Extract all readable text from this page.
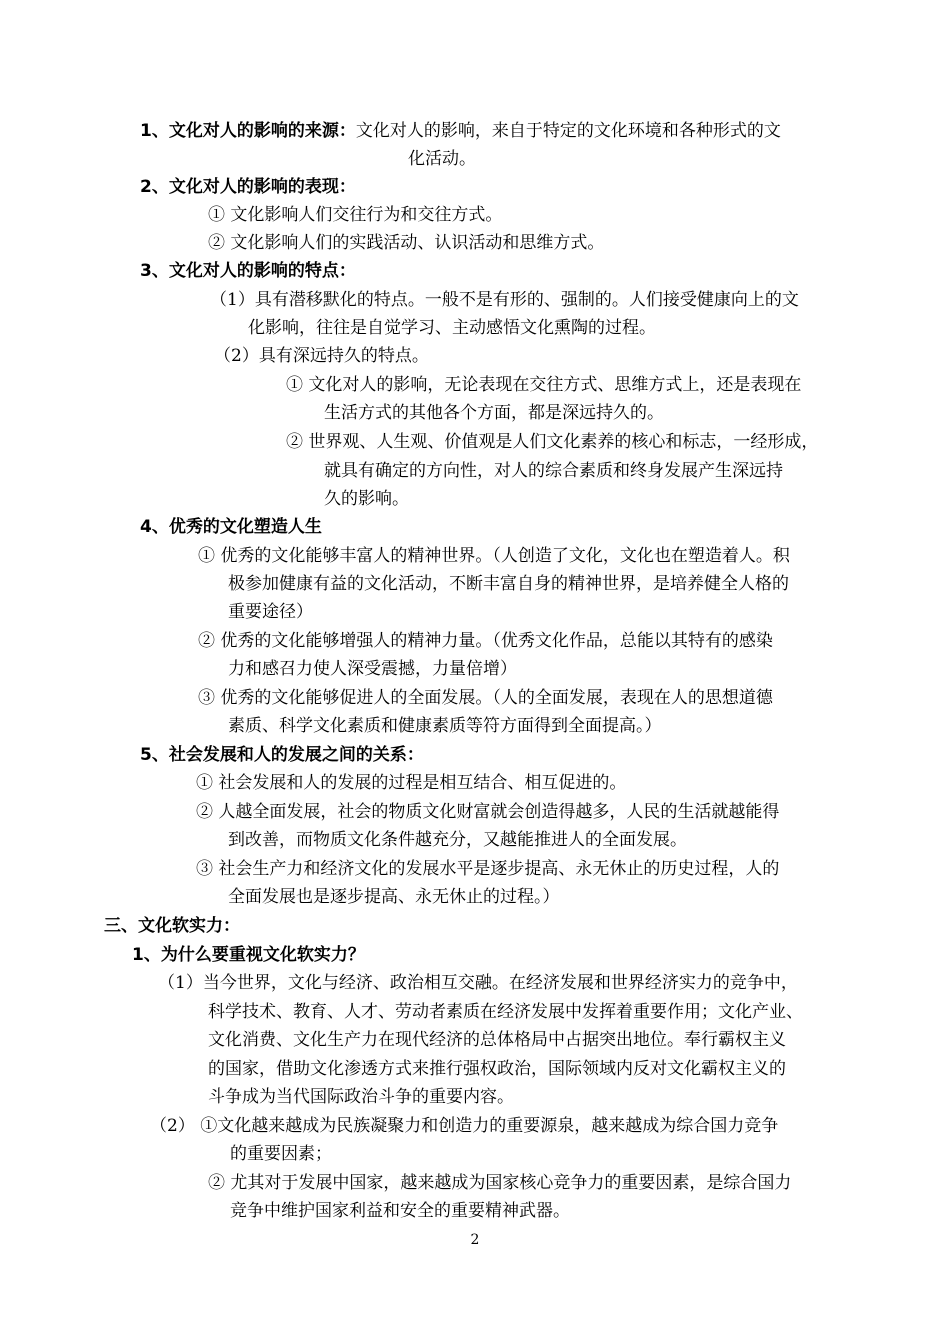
1、文化对人的影响的来源：文化对人的影响，来自于特定的文化环境和各种形式的文
化活动。
2、文化对人的影响的表现：
① 文化影响人们交往行为和交往方式。
② 文化影响人们的实践活动、认识活动和思维方式。
3、文化对人的影响的特点：
（1）具有潜移默化的特点。一般不是有形的、强制的。人们接受健康向上的文
化影响，往往是自觉学习、主动感悟文化熏陶的过程。
（2）具有深远持久的特点。
① 文化对人的影响，无论表现在交往方式、思维方式上，还是表现在
生活方式的其他各个方面，都是深远持久的。
② 世界观、人生观、价值观是人们文化素养的核心和标志，一经形成，
就具有确定的方向性，对人的综合素质和终身发展产生深远持
久的影响。
4、优秀的文化塑造人生
① 优秀的文化能够丰富人的精神世界。（人创造了文化，文化也在塑造着人。积
极参加健康有益的文化活动，不断丰富自身的精神世界，是培养健全人格的
重要途径）
② 优秀的文化能够增强人的精神力量。（优秀文化作品，总能以其特有的感染
力和感召力使人深受震撼，力量倍增）
③ 优秀的文化能够促进人的全面发展。（人的全面发展，表现在人的思想道德
素质、科学文化素质和健康素质等符方面得到全面提高。）
5、社会发展和人的发展之间的关系：
① 社会发展和人的发展的过程是相互结合、相互促进的。
② 人越全面发展，社会的物质文化财富就会创造得越多，人民的生活就越能得
到改善，而物质文化条件越充分，又越能推进人的全面发展。
③ 社会生产力和经济文化的发展水平是逐步提高、永无休止的历史过程，人的
全面发展也是逐步提高、永无休止的过程。）
三、文化软实力：
1、为什么要重视文化软实力？
（1）当今世界，文化与经济、政治相互交融。在经济发展和世界经济实力的竞争中，
科学技术、教育、人才、劳动者素质在经济发展中发挥着重要作用；文化产业、
文化消费、文化生产力在现代经济的总体格局中占据突出地位。奉行霸权主义
的国家，借助文化渗透方式来推行强权政治，国际领域内反对文化霸权主义的
斗争成为当代国际政治斗争的重要内容。
（2） ①文化越来越成为民族凝聚力和创造力的重要源泉，越来越成为综合国力竞争
的重要因素；
② 尤其对于发展中国家，越来越成为国家核心竞争力的重要因素，是综合国力
竞争中维护国家利益和安全的重要精神武器。
2
